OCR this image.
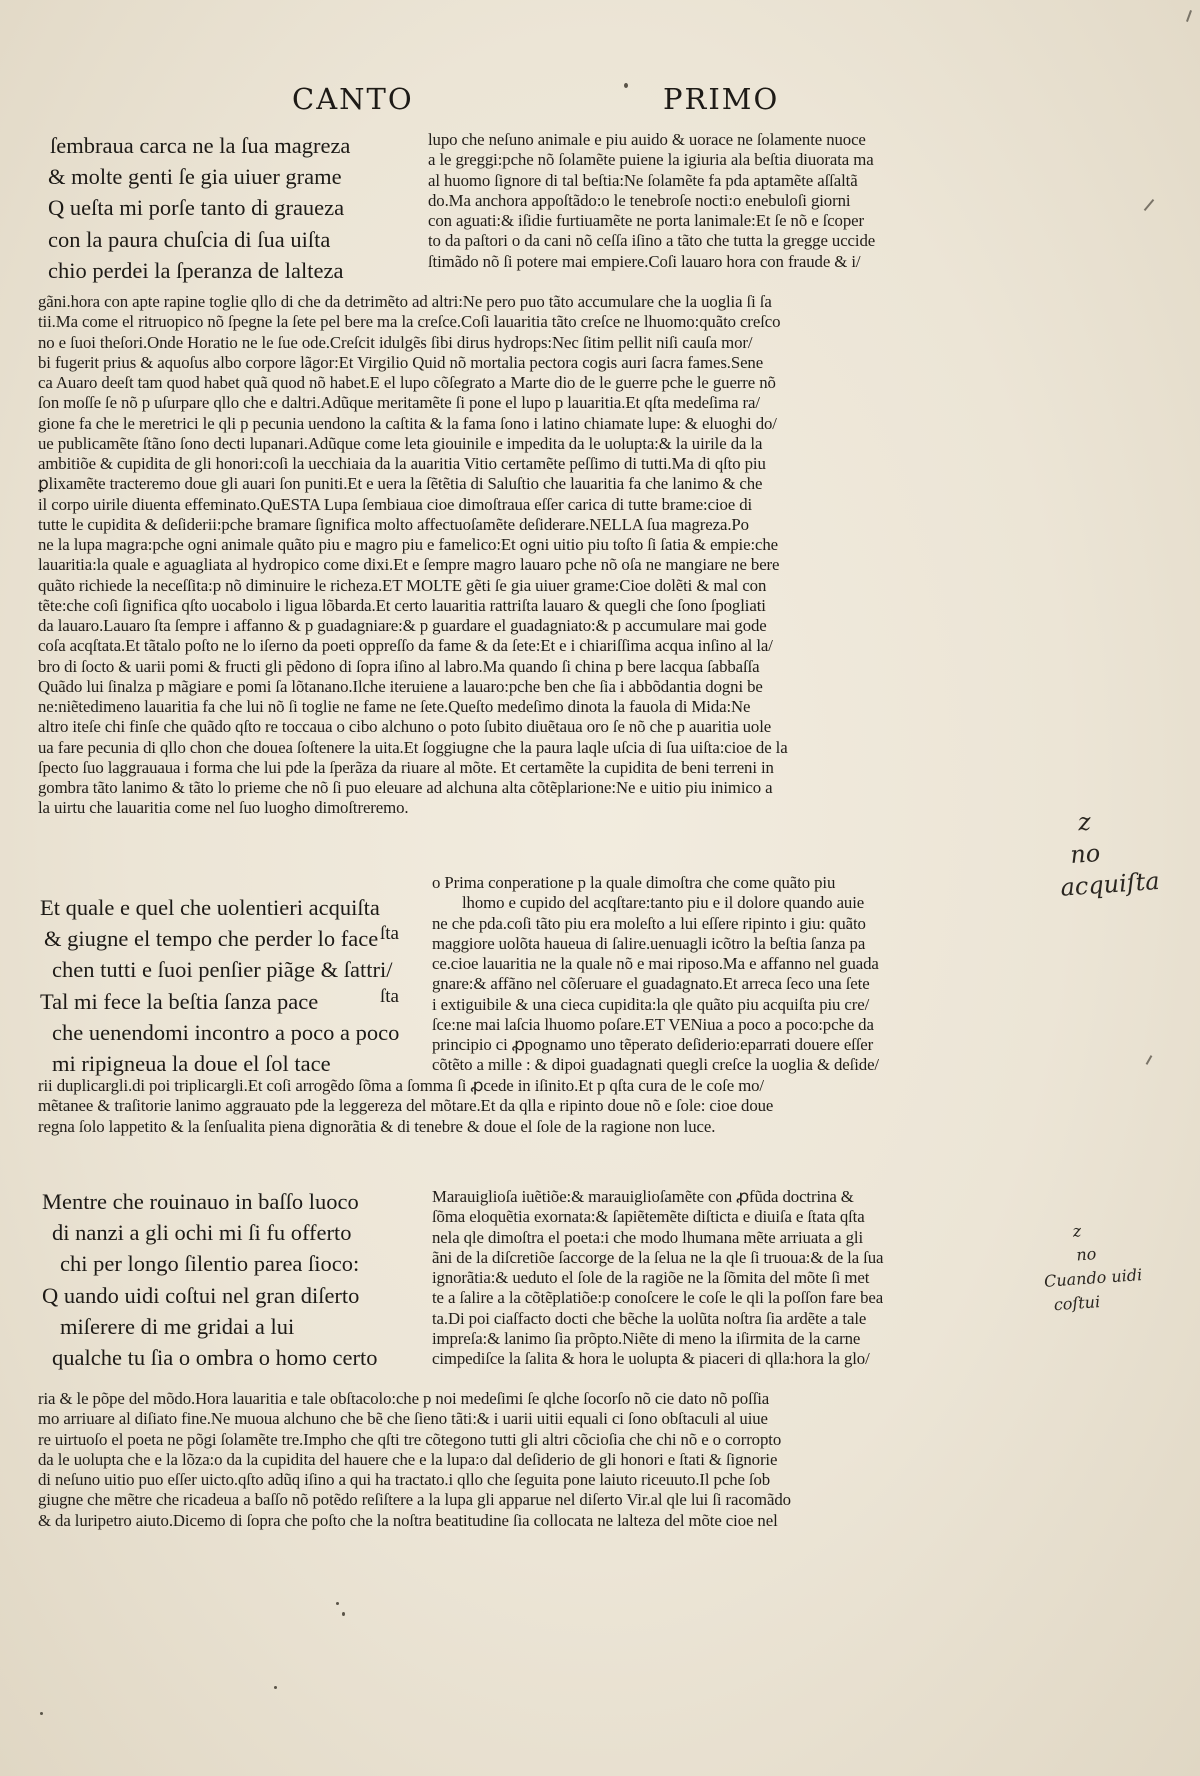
CANTO	PRIMO
ſembraua carca ne la ſua magreza
& molte genti ſe gia uiuer grame
Q ueſta mi porſe tanto di graueza
con la paura chuſcia di ſua uiſta
chio perdei la ſperanza de lalteza
lupo che neſuno animale e piu auido & uorace ne ſolamente nuoce
a le greggi:pche nõ ſolamẽte puiene la igiuria ala beſtia diuorata ma
al huomo ſignore di tal beſtia:Ne ſolamẽte fa pda aptamẽte aſſaltã
do.Ma anchora appoſtãdo:o le tenebroſe nocti:o enebuloſi giorni
con aguati:& iſidie furtiuamẽte ne porta lanimale:Et ſe nõ e ſcoper
to da paſtori o da cani nõ ceſſa iſino a tãto che tutta la gregge uccide
ſtimãdo nõ ſi potere mai empiere.Coſi lauaro hora con fraude & i/
gãni.hora con apte rapine toglie qllo di che da detrimẽto ad altri:Ne pero puo tãto accumulare che la uoglia ſi ſa
tii.Ma come el ritruopico nõ ſpegne la ſete pel bere ma la creſce.Coſi lauaritia tãto creſce ne lhuomo:quãto creſco
no e ſuoi theſori.Onde Horatio ne le ſue ode.Creſcit idulgẽs ſibi dirus hydrops:Nec ſitim pellit niſi cauſa mor/
bi fugerit prius & aquoſus albo corpore lãgor:Et Virgilio Quid nõ mortalia pectora cogis auri ſacra fames.Sene
ca Auaro deeſt tam quod habet quã quod nõ habet.E el lupo cõſegrato a Marte dio de le guerre pche le guerre nõ
ſon moſſe ſe nõ p uſurpare qllo che e daltri.Adũque meritamẽte ſi pone el lupo p lauaritia.Et qſta medeſima ra/
gione fa che le meretrici le qli p pecunia uendono la caſtita & la fama ſono i latino chiamate lupe: & eluoghi do/
ue publicamẽte ſtãno ſono decti lupanari.Adũque come leta giouinile e impedita da le uolupta:& la uirile da la
ambitiõe & cupidita de gli honori:coſi la uecchiaia da la auaritia Vitio certamẽte peſſimo di tutti.Ma di qſto piu
ꝑlixamẽte tracteremo doue gli auari ſon puniti.Et e uera la ſẽtẽtia di Saluſtio che lauaritia fa che lanimo & che
il corpo uirile diuenta effeminato.QuESTA Lupa ſembiaua cioe dimoſtraua eſſer carica di tutte brame:cioe di
tutte le cupidita & deſiderii:pche bramare ſignifica molto affectuoſamẽte deſiderare.NELLA ſua magreza.Po
ne la lupa magra:pche ogni animale quãto piu e magro piu e famelico:Et ogni uitio piu toſto ſi ſatia & empie:che
lauaritia:la quale e aguagliata al hydropico come dixi.Et e ſempre magro lauaro pche nõ oſa ne mangiare ne bere
quãto richiede la neceſſita:p nõ diminuire le richeza.ET MOLTE gẽti ſe gia uiuer grame:Cioe dolẽti & mal con
tẽte:che coſi ſignifica qſto uocabolo i ligua lõbarda.Et certo lauaritia rattriſta lauaro & quegli che ſono ſpogliati
da lauaro.Lauaro ſta ſempre i affanno & p guadagniare:& p guardare el guadagniato:& p accumulare mai gode
coſa acqſtata.Et tãtalo poſto ne lo iſerno da poeti oppreſſo da fame & da ſete:Et e i chiariſſima acqua inſino al la/
bro di ſocto & uarii pomi & fructi gli pẽdono di ſopra iſino al labro.Ma quando ſi china p bere lacqua ſabbaſſa
Quãdo lui ſinalza p mãgiare e pomi ſa lõtanano.Ilche iteruiene a lauaro:pche ben che ſia i abbõdantia dogni be
ne:niẽtedimeno lauaritia fa che lui nõ ſi toglie ne fame ne ſete.Queſto medeſimo dinota la fauola di Mida:Ne
altro iteſe chi finſe che quãdo qſto re toccaua o cibo alchuno o poto ſubito diuẽtaua oro ſe nõ che p auaritia uole
ua fare pecunia di qllo chon che douea ſoſtenere la uita.Et ſoggiugne che la paura laqle uſcia di ſua uiſta:cioe de la
ſpecto ſuo laggrauaua i forma che lui pde la ſperãza da riuare al mõte. Et certamẽte la cupidita de beni terreni in
gombra tãto lanimo & tãto lo prieme che nõ ſi puo eleuare ad alchuna alta cõtẽplarione:Ne e uitio piu inimico a
la uirtu che lauaritia come nel ſuo luogho dimoſtreremo.
Et quale e quel che uolentieri acquiſta
& giugne el tempo che perder lo face
chen tutti e ſuoi penſier piãge & ſattri/
Tal mi fece la beſtia ſanza pace
che uenendomi incontro a poco a poco
mi ripigneua la doue el ſol tace
ſta
ſta
o Prima conperatione p la quale dimoſtra che come quãto piu
lhomo e cupido del acqſtare:tanto piu e il dolore quando auie
ne che pda.coſi tãto piu era moleſto a lui eſſere ripinto i giu: quãto
maggiore uolõta haueua di ſalire.uenuagli icõtro la beſtia ſanza pa
ce.cioe lauaritia ne la quale nõ e mai riposo.Ma e affanno nel guada
gnare:& affãno nel cõſeruare el guadagnato.Et arreca ſeco una ſete
i extiguibile & una cieca cupidita:la qle quãto piu acquiſta piu cre/
ſce:ne mai laſcia lhuomo poſare.ET VENiua a poco a poco:pche da
principio ci ꝓpognamo uno tẽperato deſiderio:eparrati douere eſſer
cõtẽto a mille : & dipoi guadagnati quegli creſce la uoglia & deſide/
rii duplicargli.di poi triplicargli.Et coſi arrogẽdo ſõma a ſomma ſi ꝓcede in iſinito.Et p qſta cura de le coſe mo/
mẽtanee & traſitorie lanimo aggrauato pde la leggereza del mõtare.Et da qlla e ripinto doue nõ e ſole: cioe doue
regna ſolo lappetito & la ſenſualita piena dignorãtia & di tenebre & doue el ſole de la ragione non luce.
Mentre che rouinauo in baſſo luoco
di nanzi a gli ochi mi ſi fu offerto
chi per longo ſilentio parea ſioco:
Q uando uidi coſtui nel gran diſerto
miſerere di me gridai a lui
qualche tu ſia o ombra o homo certo
Marauiglioſa iuẽtiõe:& marauiglioſamẽte con ꝓfũda doctrina &
ſõma eloquẽtia exornata:& ſapiẽtemẽte diſticta e diuiſa e ſtata qſta
nela qle dimoſtra el poeta:i che modo lhumana mẽte arriuata a gli
ãni de la diſcretiõe ſaccorge de la ſelua ne la qle ſi truoua:& de la ſua
ignorãtia:& ueduto el ſole de la ragiõe ne la ſõmita del mõte ſi met
te a ſalire a la cõtẽplatiõe:p conoſcere le coſe le qli la poſſon fare bea
ta.Di poi ciaſfacto docti che bẽche la uolũta noſtra ſia ardẽte a tale
impreſa:& lanimo ſia prõpto.Niẽte di meno la iſirmita de la carne
cimpediſce la ſalita & hora le uolupta & piaceri di qlla:hora la glo/
ria & le põpe del mõdo.Hora lauaritia e tale obſtacolo:che p noi medeſimi ſe qlche ſocorſo nõ cie dato nõ poſſia
mo arriuare al diſiato fine.Ne muoua alchuno che bẽ che ſieno tãti:& i uarii uitii equali ci ſono obſtaculi al uiue
re uirtuoſo el poeta ne põgi ſolamẽte tre.Impho che qſti tre cõtegono tutti gli altri cõcioſia che chi nõ e o corropto
da le uolupta che e la lõza:o da la cupidita del hauere che e la lupa:o dal deſiderio de gli honori e ſtati & ſignorie
di neſuno uitio puo eſſer uicto.qſto adũq iſino a qui ha tractato.i qllo che ſeguita pone laiuto riceuuto.Il pche ſob
giugne che mẽtre che ricadeua a baſſo nõ potẽdo reſiſtere a la lupa gli apparue nel diſerto Vir.al qle lui ſi racomãdo
& da luripetro aiuto.Dicemo di ſopra che poſto che la noſtra beatitudine ſia collocata ne lalteza del mõte cioe nel
z
no
acquiſta
z
no
Cuando uidi
coſtui
